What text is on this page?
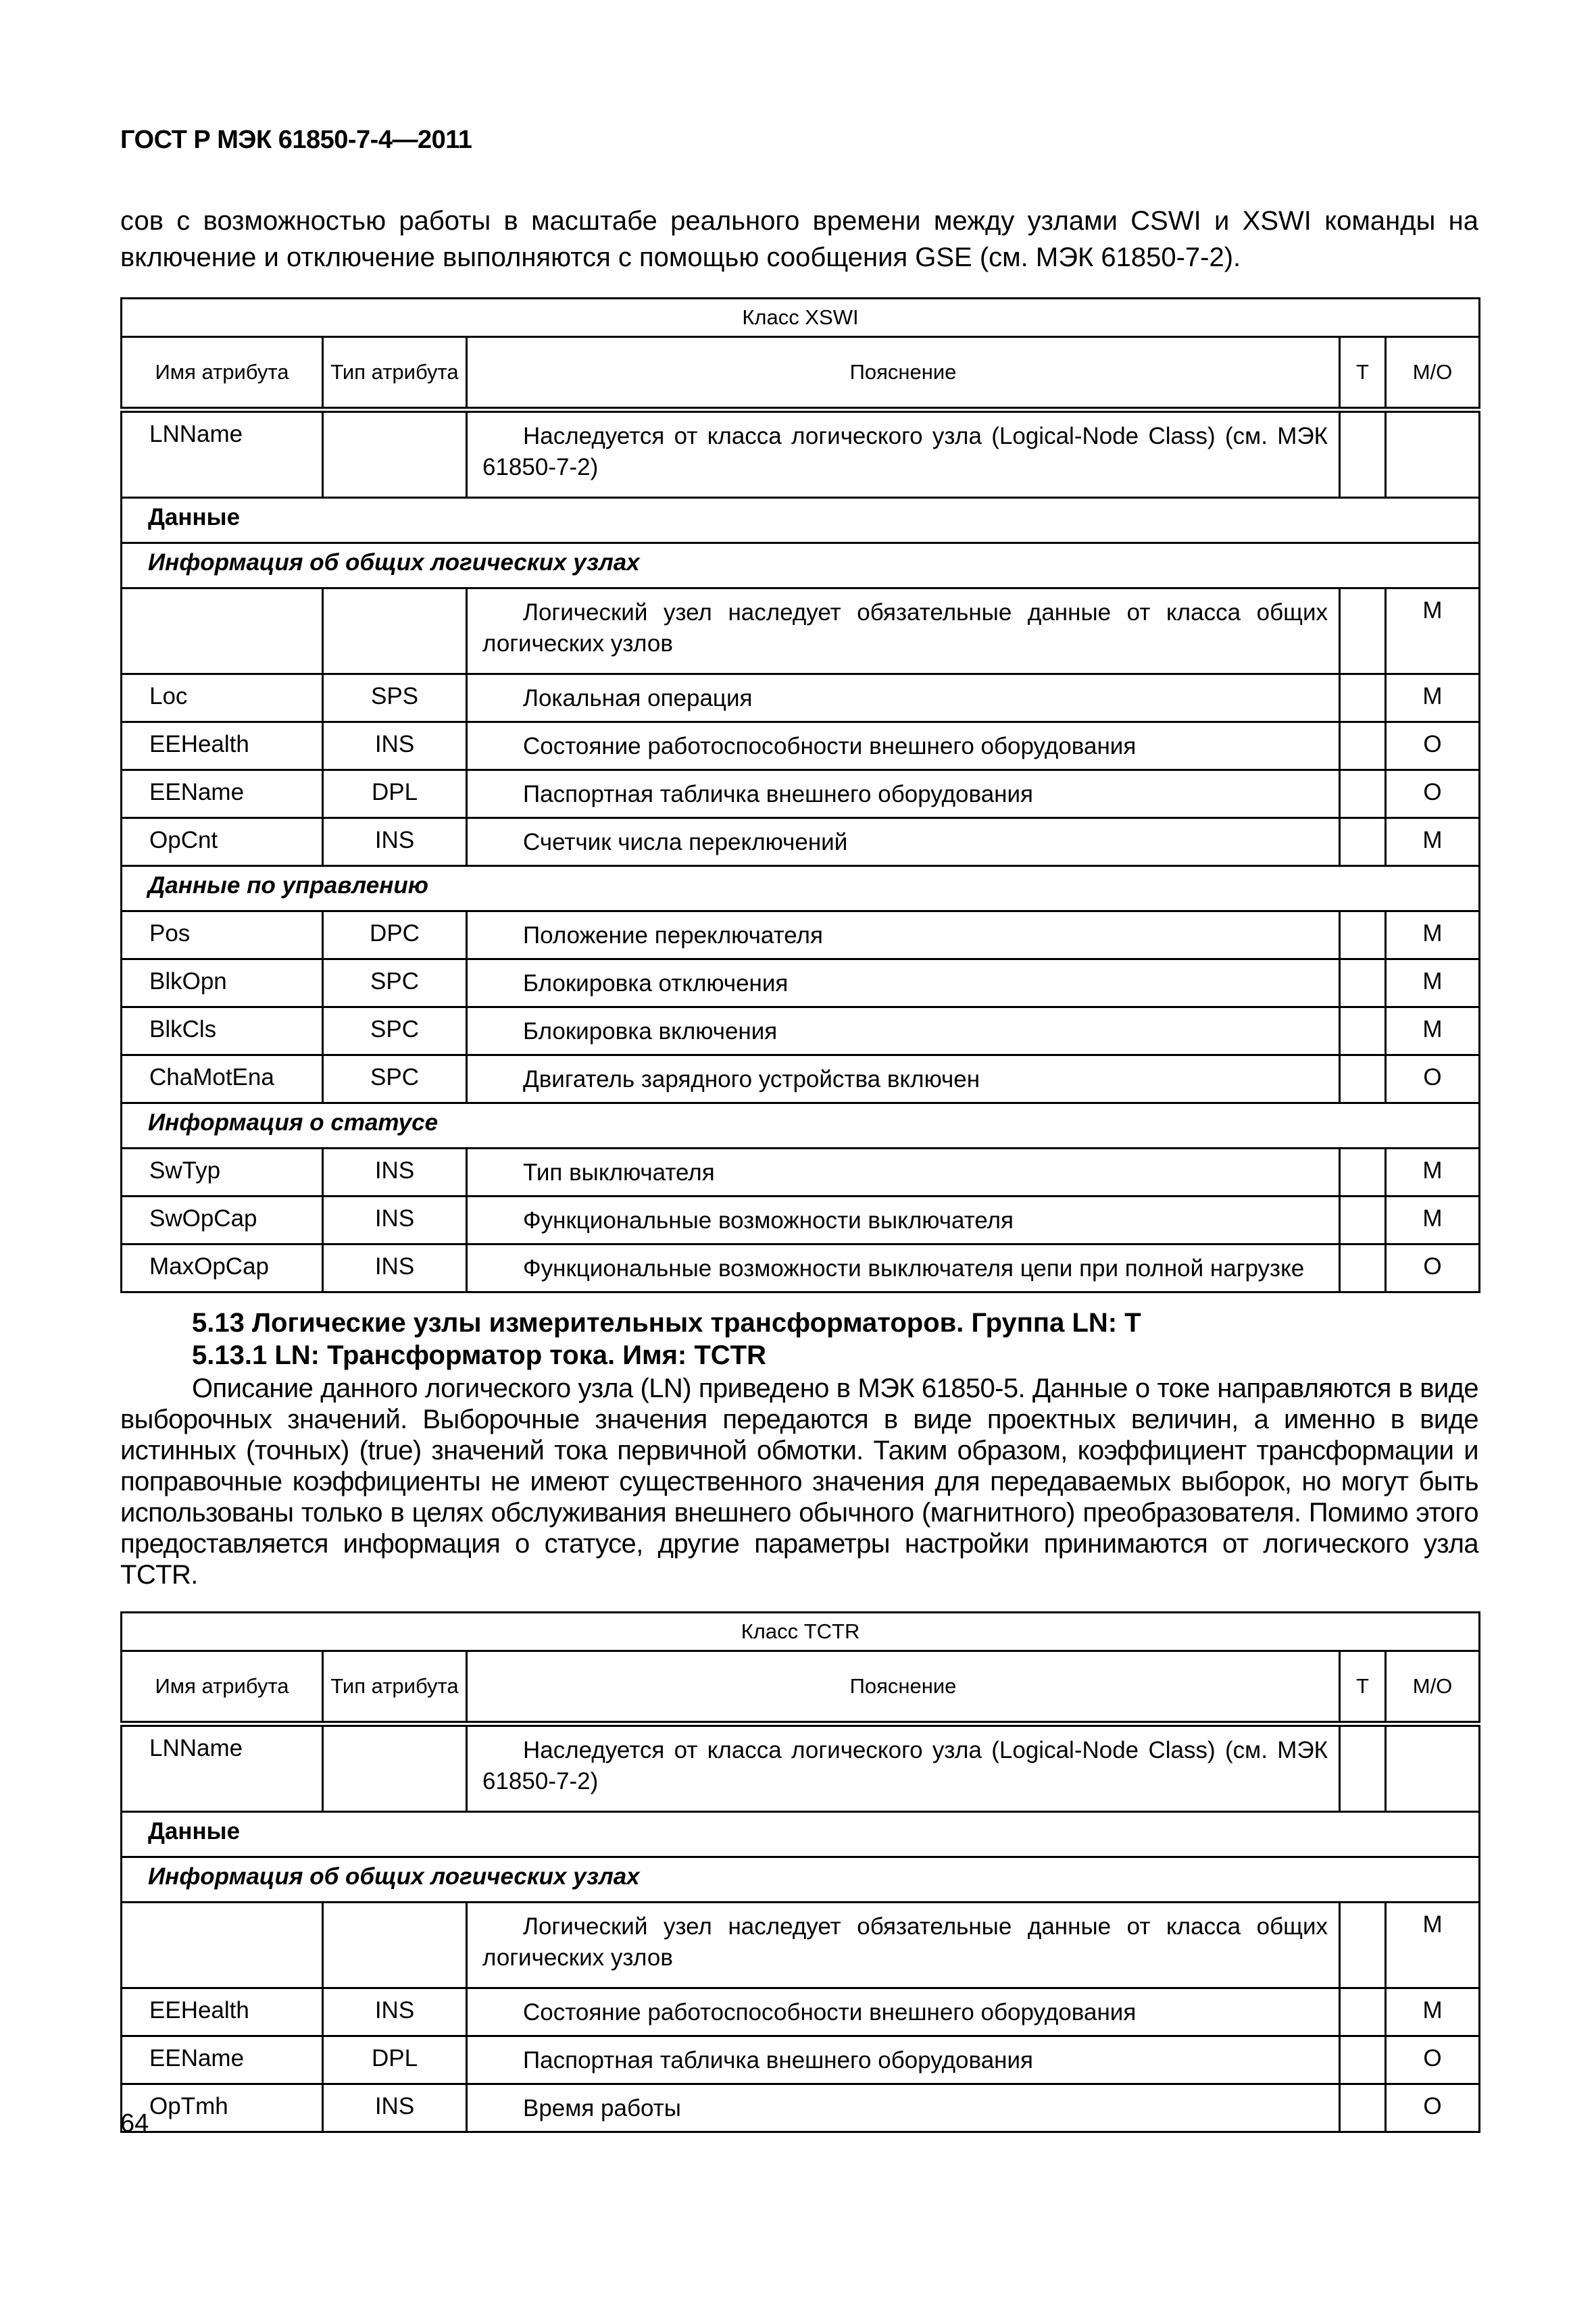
ГОСТ Р МЭК 61850-7-4—2011
сов с возможностью работы в масштабе реального времени между узлами CSWI и XSWI команды на включение и отключение выполняются с помощью сообщения GSE (см. МЭК 61850-7-2).
Класс XSWI				
Имя атрибута	Тип атрибута	Пояснение	T	М/О
LNName		Наследуется от класса логического узла (Logical-Node Class) (см. МЭК 61850-7-2)		

Данные				
Информация об общих логических узлах				

		Логический узел наследует обязательные данные от класса общих логических узлов		M
Loc	SPS	Локальная операция		M
EEHealth	INS	Состояние работоспособности внешнего оборудования		O
EEName	DPL	Паспортная табличка внешнего оборудования		O
OpCnt	INS	Счетчик числа переключений		M
Данные по управлению				
Pos	DPC	Положение переключателя		M
BlkOpn	SPC	Блокировка отключения		M
BlkCls	SPC	Блокировка включения		M
ChaMotEna	SPC	Двигатель зарядного устройства включен		O
Информация о статусе				
SwTyp	INS	Тип выключателя		M
SwOpCap	INS	Функциональные возможности выключателя		M
MaxOpCap	INS	Функциональные возможности выключателя цепи при полной нагрузке		O
5.13 Логические узлы измерительных трансформаторов. Группа LN: T
5.13.1 LN: Трансформатор тока. Имя: TCTR
Описание данного логического узла (LN) приведено в МЭК 61850-5. Данные о токе направляются в виде выборочных значений. Выборочные значения передаются в виде проектных величин, а именно в виде истинных (точных) (true) значений тока первичной обмотки. Таким образом, коэффициент трансформации и поправочные коэффициенты не имеют существенного значения для передаваемых выборок, но могут быть использованы только в целях обслуживания внешнего обычного (магнитного) преобразователя. Помимо этого предоставляется информация о статусе, другие параметры настройки принимаются от логического узла TCTR.
Класс TCTR				
Имя атрибута	Тип атрибута	Пояснение	T	М/О
LNName		Наследуется от класса логического узла (Logical-Node Class) (см. МЭК 61850-7-2)		

Данные				
Информация об общих логических узлах				

		Логический узел наследует обязательные данные от класса общих логических узлов		M
EEHealth	INS	Состояние работоспособности внешнего оборудования		M
EEName	DPL	Паспортная табличка внешнего оборудования		O
OpTmh	INS	Время работы		O
64
